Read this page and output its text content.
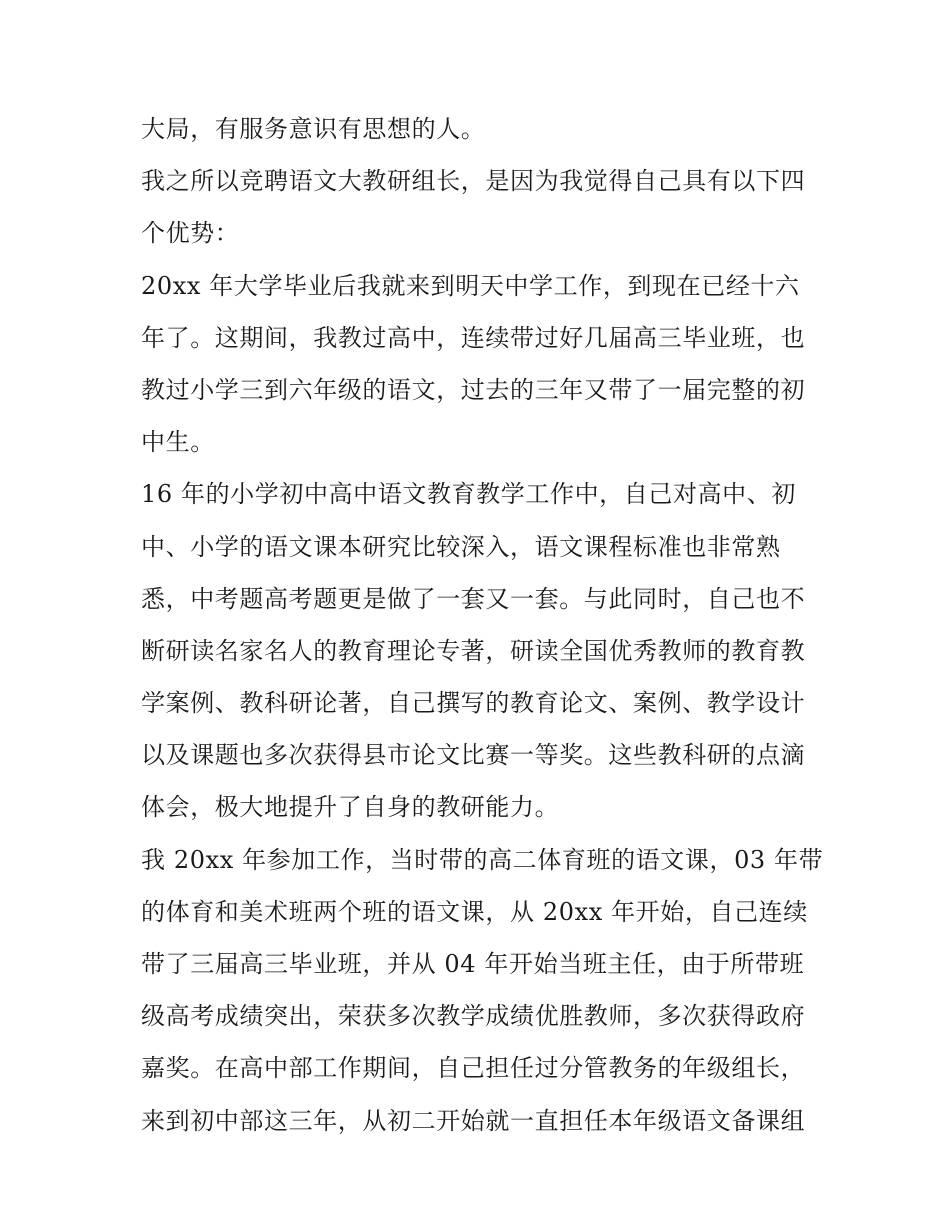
大局，有服务意识有思想的人。
我之所以竞聘语文大教研组长，是因为我觉得自己具有以下四
个优势：
20xx 年大学毕业后我就来到明天中学工作，到现在已经十六
年了。这期间，我教过高中，连续带过好几届高三毕业班，也
教过小学三到六年级的语文，过去的三年又带了一届完整的初
中生。
16 年的小学初中高中语文教育教学工作中，自己对高中、初
中、小学的语文课本研究比较深入，语文课程标准也非常熟
悉，中考题高考题更是做了一套又一套。与此同时，自己也不
断研读名家名人的教育理论专著，研读全国优秀教师的教育教
学案例、教科研论著，自己撰写的教育论文、案例、教学设计
以及课题也多次获得县市论文比赛一等奖。这些教科研的点滴
体会，极大地提升了自身的教研能力。
我 20xx 年参加工作，当时带的高二体育班的语文课，03 年带
的体育和美术班两个班的语文课，从 20xx 年开始，自己连续
带了三届高三毕业班，并从 04 年开始当班主任，由于所带班
级高考成绩突出，荣获多次教学成绩优胜教师，多次获得政府
嘉奖。在高中部工作期间，自己担任过分管教务的年级组长，
来到初中部这三年，从初二开始就一直担任本年级语文备课组
